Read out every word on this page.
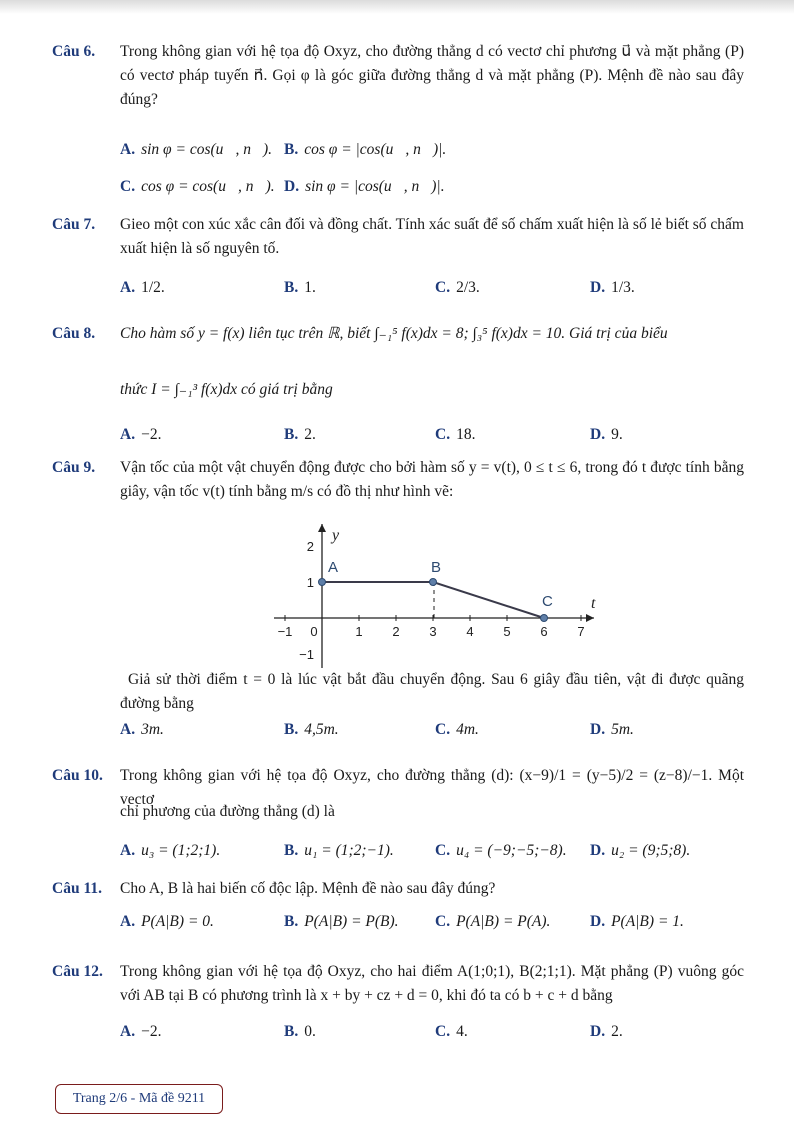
Câu 6. Trong không gian với hệ tọa độ Oxyz, cho đường thẳng d có vectơ chỉ phương u⃗ và mặt phẳng (P) có vectơ pháp tuyến n⃗. Gọi φ là góc giữa đường thẳng d và mặt phẳng (P). Mệnh đề nào sau đây đúng?
A. sin φ = cos(u⃗, n⃗). B. cos φ = |cos(u⃗, n⃗)|.
C. cos φ = cos(u⃗, n⃗). D. sin φ = |cos(u⃗, n⃗)|.
Câu 7. Gieo một con xúc xắc cân đối và đồng chất. Tính xác suất để số chấm xuất hiện là số lẻ biết số chấm xuất hiện là số nguyên tố.
A. 1/2.	B. 1.	C. 2/3.	D. 1/3.
Câu 8. Cho hàm số y = f(x) liên tục trên ℝ, biết ∫₋₁⁵ f(x)dx = 8; ∫₃⁵ f(x)dx = 10. Giá trị của biểu
thức I = ∫₋₁³ f(x)dx có giá trị bằng
A. −2.	B. 2.	C. 18.	D. 9.
Câu 9. Vận tốc của một vật chuyển động được cho bởi hàm số y = v(t), 0 ≤ t ≤ 6, trong đó t được tính bằng giây, vận tốc v(t) tính bằng m/s có đồ thị như hình vẽ:
−1 0	1 2 3 4 5 6 7
2
1
−1
A	B
C t
y
Giả sử thời điểm t = 0 là lúc vật bắt đầu chuyển động. Sau 6 giây đầu tiên, vật đi được quãng đường bằng
A. 3m.	B. 4,5m.	C. 4m.	D. 5m.
Câu 10. Trong không gian với hệ tọa độ Oxyz, cho đường thẳng (d): (x−9)/1 = (y−5)/2 = (z−8)/−1. Một vectơ
chỉ phương của đường thẳng (d) là
A. u₃ = (1;2;1).	B. u₁ = (1;2;−1).	C. u₄ = (−9;−5;−8). D. u₂ = (9;5;8).
Câu 11. Cho A, B là hai biến cố độc lập. Mệnh đề nào sau đây đúng?
A. P(A|B) = 0.	B. P(A|B) = P(B). C. P(A|B) = P(A).	D. P(A|B) = 1.
Câu 12. Trong không gian với hệ tọa độ Oxyz, cho hai điểm A(1;0;1), B(2;1;1). Mặt phẳng (P) vuông góc với AB tại B có phương trình là x + by + cz + d = 0, khi đó ta có b + c + d bằng
A. −2.	B. 0.	C. 4.	D. 2.
Trang 2/6 - Mã đề 9211
